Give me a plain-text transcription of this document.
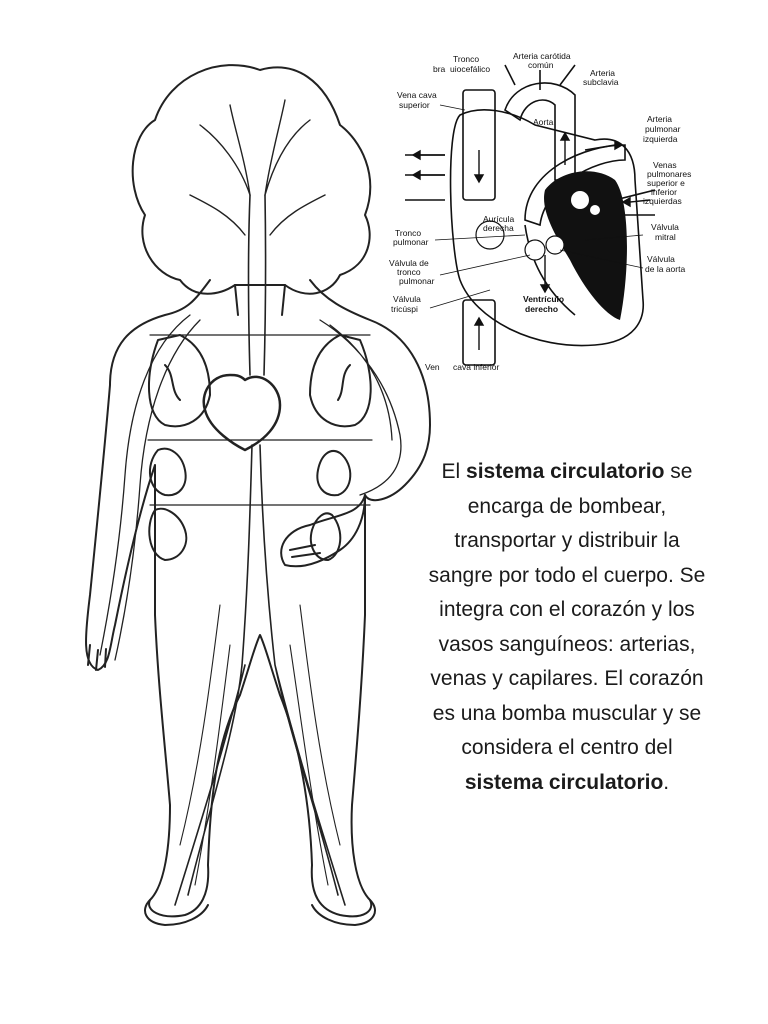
Tronco
bra uiocefálico
Arteria carótida
común
Arteria
subclavia
Vena cava
superior
Aorta	Arteria
pulmonar
izquierda
Venas
pulmonares
superior e
inferior
izquierdas
Aurícula
derecha
Tronco
pulmonar
Válvula
mitral
Válvula de
tronco
pulmonar
Válvula
de la aorta
Válvula
tricúspi
Ventrículo
derecho
Ven cava inferior
El sistema circulatorio se encarga de bombear, transportar y distribuir la sangre por todo el cuerpo. Se integra con el corazón y los vasos sanguíneos: arterias, venas y capilares. El corazón es una bomba muscular y se considera el centro del sistema circulatorio.
